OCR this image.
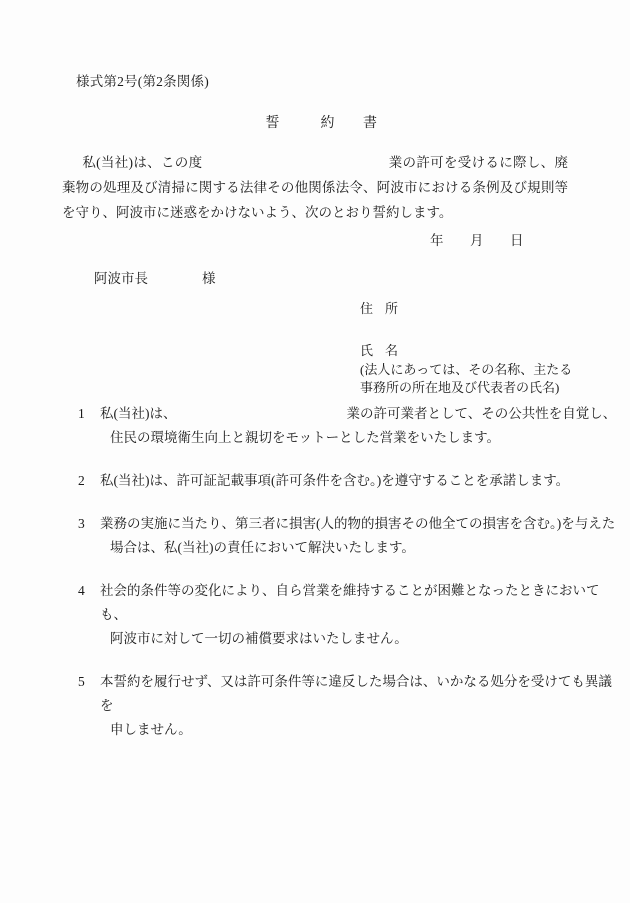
様式第2号(第2条関係)
誓	約 書
私(当社)は、この度	業の許可を受けるに際し、廃棄物の処理及び清掃に関する法律その他関係法令、阿波市における条例及び規則等を守り、阿波市に迷惑をかけないよう、次のとおり誓約します。
年 月 日
阿波市長	様
住 所
氏 名
(法人にあっては、その名称、主たる
事務所の所在地及び代表者の氏名)
1 私(当社)は、	業の許可業者として、その公共性を自覚し、
住民の環境衛生向上と親切をモットーとした営業をいたします。
2 私(当社)は、許可証記載事項(許可条件を含む。)を遵守することを承諾します。
3 業務の実施に当たり、第三者に損害(人的物的損害その他全ての損害を含む。)を与えた
場合は、私(当社)の責任において解決いたします。
4 社会的条件等の変化により、自ら営業を維持することが困難となったときにおいても、
阿波市に対して一切の補償要求はいたしません。
5 本誓約を履行せず、又は許可条件等に違反した場合は、いかなる処分を受けても異議を
申しません。
